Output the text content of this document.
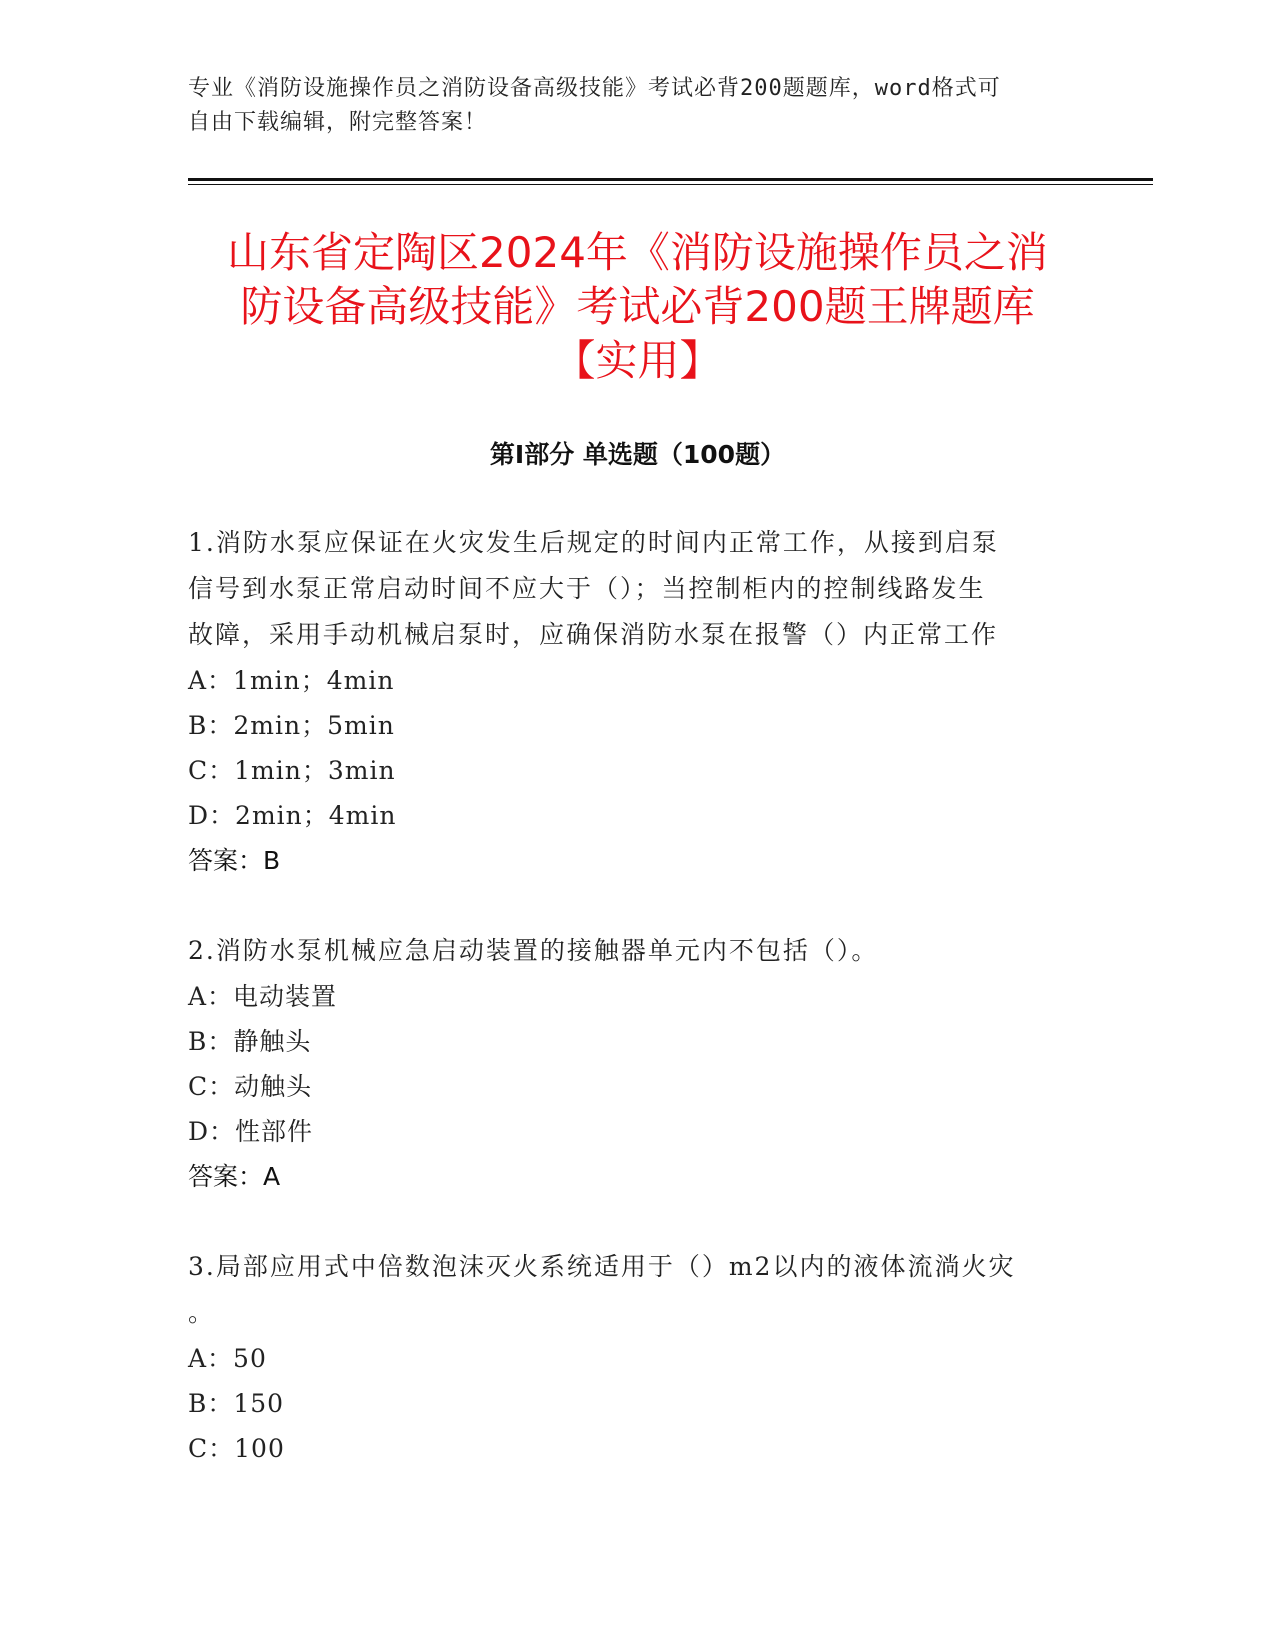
专业《消防设施操作员之消防设备高级技能》考试必背200题题库，word格式可
自由下载编辑，附完整答案！
山东省定陶区2024年《消防设施操作员之消
防设备高级技能》考试必背200题王牌题库
【实用】
第Ⅰ部分 单选题（100题）
1.消防水泵应保证在火灾发生后规定的时间内正常工作，从接到启泵
信号到水泵正常启动时间不应大于（）；当控制柜内的控制线路发生
故障，采用手动机械启泵时，应确保消防水泵在报警（）内正常工作
A：1min；4min
B：2min；5min
C：1min；3min
D：2min；4min
答案：B
2.消防水泵机械应急启动装置的接触器单元内不包括（）。
A：电动装置
B：静触头
C：动触头
D：性部件
答案：A
3.局部应用式中倍数泡沫灭火系统适用于（）m2以内的液体流淌火灾
。
A：50
B：150
C：100
